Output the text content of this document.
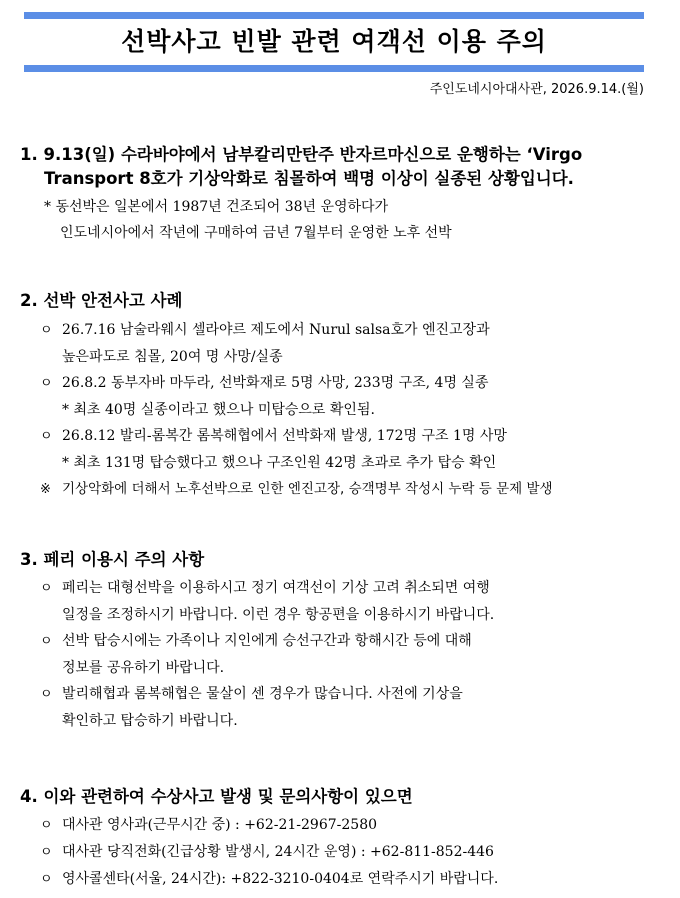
선박사고 빈발 관련 여객선 이용 주의
주인도네시아대사관, 2026.9.14.(월)
1. 9.13(일) 수라바야에서 남부칼리만탄주 반자르마신으로 운행하는 ‘Virgo
Transport 8호가 기상악화로 침몰하여 백명 이상이 실종된 상황입니다.
* 동선박은 일본에서 1987년 건조되어 38년 운영하다가
인도네시아에서 작년에 구매하여 금년 7월부터 운영한 노후 선박
2. 선박 안전사고 사례
ㅇ 26.7.16 남술라웨시 셀라야르 제도에서 Nurul salsa호가 엔진고장과
높은파도로 침몰, 20여 명 사망/실종
ㅇ 26.8.2 동부자바 마두라, 선박화재로 5명 사망, 233명 구조, 4명 실종
* 최초 40명 실종이라고 했으나 미탑승으로 확인됨.
ㅇ 26.8.12 발리-롬복간 롬복해협에서 선박화재 발생, 172명 구조 1명 사망
* 최초 131명 탑승했다고 했으나 구조인원 42명 초과로 추가 탑승 확인
※ 기상악화에 더해서 노후선박으로 인한 엔진고장, 승객명부 작성시 누락 등 문제 발생
3. 페리 이용시 주의 사항
ㅇ 페리는 대형선박을 이용하시고 정기 여객선이 기상 고려 취소되면 여행
일정을 조정하시기 바랍니다. 이런 경우 항공편을 이용하시기 바랍니다.
ㅇ 선박 탑승시에는 가족이나 지인에게 승선구간과 항해시간 등에 대해
정보를 공유하기 바랍니다.
ㅇ 발리해협과 롬복해협은 물살이 센 경우가 많습니다. 사전에 기상을
확인하고 탑승하기 바랍니다.
4. 이와 관련하여 수상사고 발생 및 문의사항이 있으면
ㅇ 대사관 영사과(근무시간 중) : +62-21-2967-2580
ㅇ 대사관 당직전화(긴급상황 발생시, 24시간 운영) : +62-811-852-446
ㅇ 영사콜센타(서울, 24시간): +822-3210-0404로 연락주시기 바랍니다.
